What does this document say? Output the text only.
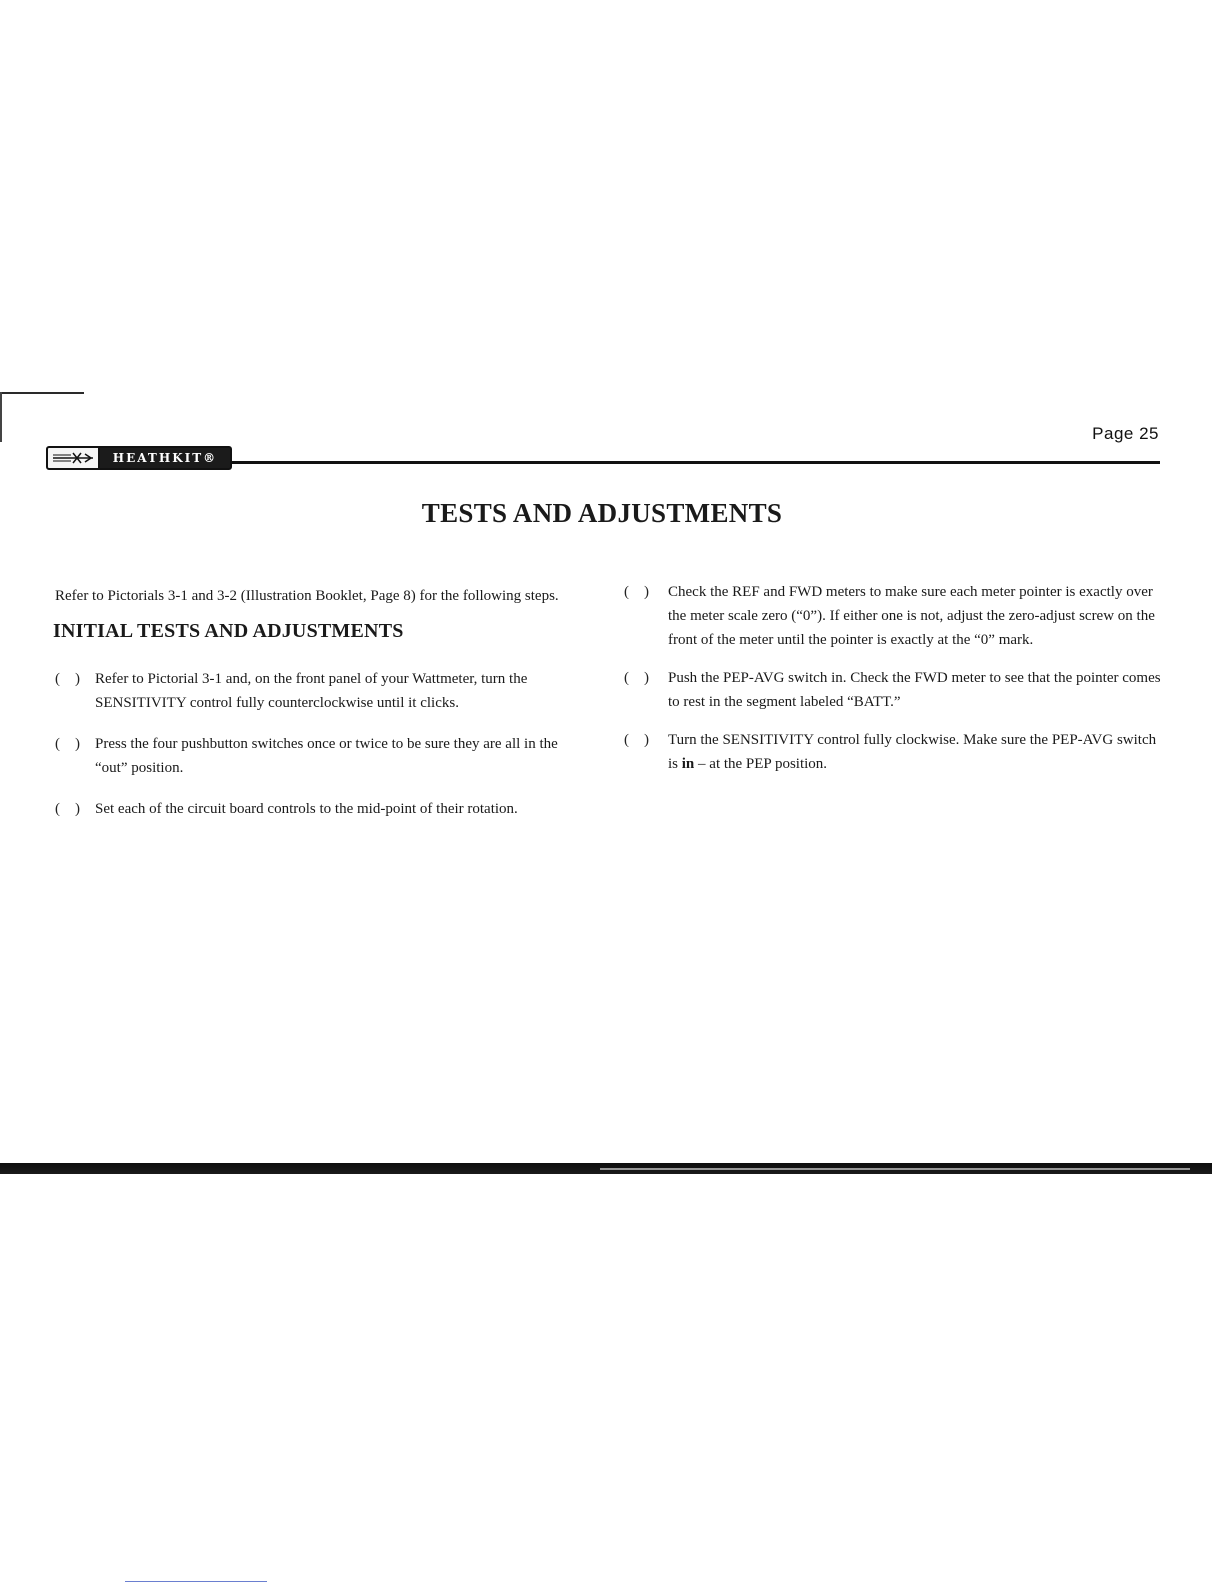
Page 25
HEATHKIT®
TESTS AND ADJUSTMENTS

Refer to Pictorials 3-1 and 3-2 (Illustration Booklet, Page 8) for the following steps.

INITIAL TESTS AND ADJUSTMENTS
(    )	Refer to Pictorial 3-1 and, on the front panel of your Wattmeter, turn the SENSITIVITY control fully counterclockwise until it clicks.
(    )	Press the four pushbutton switches once or twice to be sure they are all in the “out” position.
(    )	Set each of the circuit board controls to the mid-point of their rotation.
(    )	Check the REF and FWD meters to make sure each meter pointer is exactly over the meter scale zero (“0”). If either one is not, adjust the zero-adjust screw on the front of the meter until the pointer is exactly at the “0” mark.
(    )	Push the PEP-AVG switch in. Check the FWD meter to see that the pointer comes to rest in the segment labeled “BATT.”
(    )	Turn the SENSITIVITY control fully clockwise. Make sure the PEP-AVG switch is in – at the PEP position.
